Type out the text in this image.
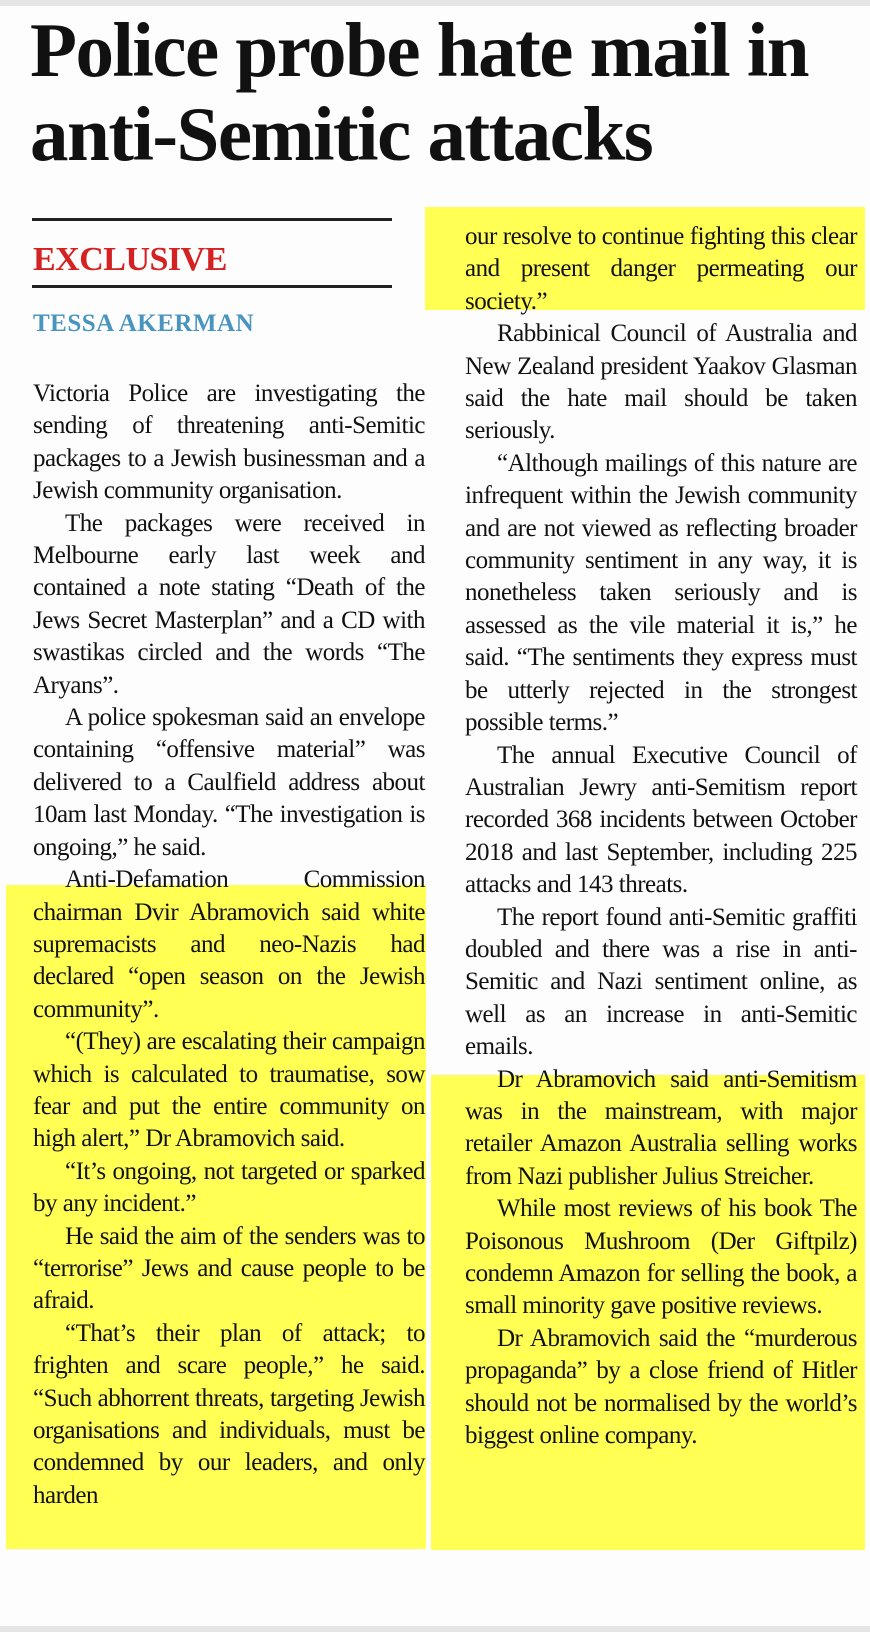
Police probe hate mail in anti-Semitic attacks
EXCLUSIVE
TESSA AKERMAN

Victoria Police are investigating the sending of threatening anti-Semitic packages to a Jewish businessman and a Jewish community organisation.

The packages were received in Melbourne early last week and contained a note stating “Death of the Jews Secret Masterplan” and a CD with swastikas circled and the words “The Aryans”.

A police spokesman said an envelope containing “offensive material” was delivered to a Caulfield address about 10am last Monday. “The investigation is ongoing,” he said.

Anti-Defamation Commission chairman Dvir Abramovich said white supremacists and neo-Nazis had declared “open season on the Jewish community”.

“(They) are escalating their campaign which is calculated to traumatise, sow fear and put the entire community on high alert,” Dr Abramovich said.

“It’s ongoing, not targeted or sparked by any incident.”

He said the aim of the senders was to “terrorise” Jews and cause people to be afraid.

“That’s their plan of attack; to frighten and scare people,” he said. “Such abhorrent threats, targeting Jewish organisations and individuals, must be condemned by our leaders, and only harden

our resolve to continue fighting this clear and present danger permeating our society.”

Rabbinical Council of Australia and New Zealand president Yaakov Glasman said the hate mail should be taken seriously.

“Although mailings of this nature are infrequent within the Jewish community and are not viewed as reflecting broader community sentiment in any way, it is nonetheless taken seriously and is assessed as the vile material it is,” he said. “The sentiments they express must be utterly rejected in the strongest possible terms.”

The annual Executive Council of Australian Jewry anti-Semitism report recorded 368 incidents between October 2018 and last September, including 225 attacks and 143 threats.

The report found anti-Semitic graffiti doubled and there was a rise in anti-Semitic and Nazi sentiment online, as well as an increase in anti-Semitic emails.

Dr Abramovich said anti-Semitism was in the mainstream, with major retailer Amazon Australia selling works from Nazi publisher Julius Streicher.

While most reviews of his book The Poisonous Mushroom (Der Giftpilz) condemn Amazon for selling the book, a small minority gave positive reviews.

Dr Abramovich said the “murderous propaganda” by a close friend of Hitler should not be normalised by the world’s biggest online company.
